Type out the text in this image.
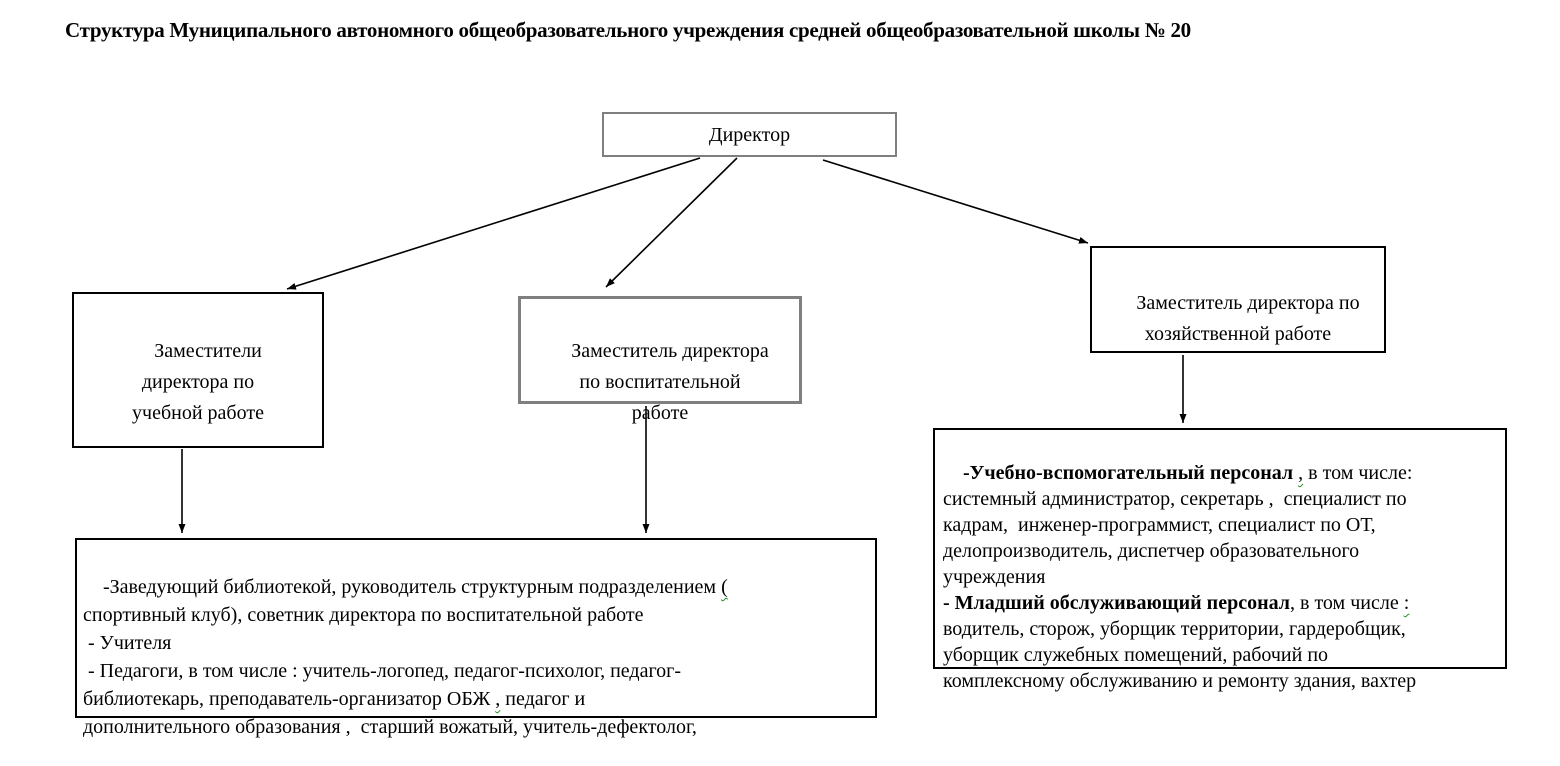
Структура Муниципального автономного общеобразовательного учреждения средней общеобразовательной школы № 20
Директор

Заместители
директора по
учебной работе

Заместитель директора
по воспитательной
работе

Заместитель директора по
хозяйственной работе

-Заведующий библиотекой, руководитель структурным подразделением (
спортивный клуб), советник директора по воспитательной работе
- Учителя
- Педагоги, в том числе : учитель-логопед, педагог-психолог, педагог-
библиотекарь, преподаватель-организатор ОБЖ , педагог и
дополнительного образования ,  старший вожатый, учитель-дефектолог,

-Учебно-вспомогательный персонал , в том числе:
системный администратор, секретарь ,  специалист по
кадрам,  инженер-программист, специалист по ОТ,
делопроизводитель, диспетчер образовательного
учреждения
- Младший обслуживающий персонал, в том числе :
водитель, сторож, уборщик территории, гардеробщик,
уборщик служебных помещений, рабочий по
комплексному обслуживанию и ремонту здания, вахтер
